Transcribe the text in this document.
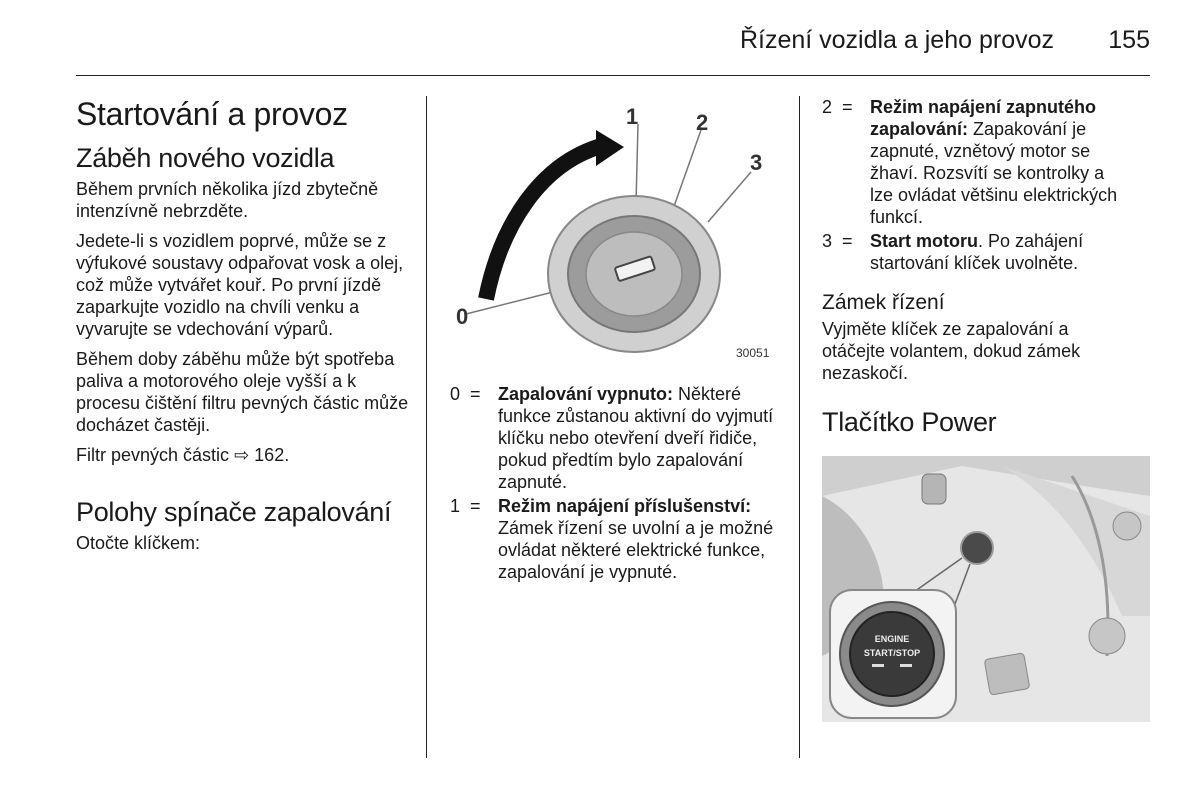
Řízení vozidla a jeho provoz 155
Startování a provoz
Záběh nového vozidla

Během prvních několika jízd zbytečně intenzívně nebrzděte.

Jedete-li s vozidlem poprvé, může se z výfukové soustavy odpařovat vosk a olej, což může vytvářet kouř. Po první jízdě zaparkujte vozidlo na chvíli venku a vyvarujte se vdechování výparů.

Během doby záběhu může být spotřeba paliva a motorového oleje vyšší a k procesu čištění filtru pevných částic může docházet častěji.

Filtr pevných částic ⇨ 162.

Polohy spínače zapalování

Otočte klíčkem:

0
1	2
3
30051
0 = Zapalování vypnuto: Některé funkce zůstanou aktivní do vyjmutí klíčku nebo otevření dveří řidiče, pokud předtím bylo zapalování zapnuté.
1 = Režim napájení příslušenství: Zámek řízení se uvolní a je možné ovládat některé elektrické funkce, zapalování je vypnuté.
2 = Režim napájení zapnutého zapalování: Zapakování je zapnuté, vznětový motor se žhaví. Rozsvítí se kontrolky a lze ovládat většinu elektrických funkcí.
3 = Start motoru. Po zahájení startování klíček uvolněte.
Zámek řízení

Vyjměte klíček ze zapalování a otáčejte volantem, dokud zámek nezaskočí.

Tlačítko Power
ENGINE
START/STOP
